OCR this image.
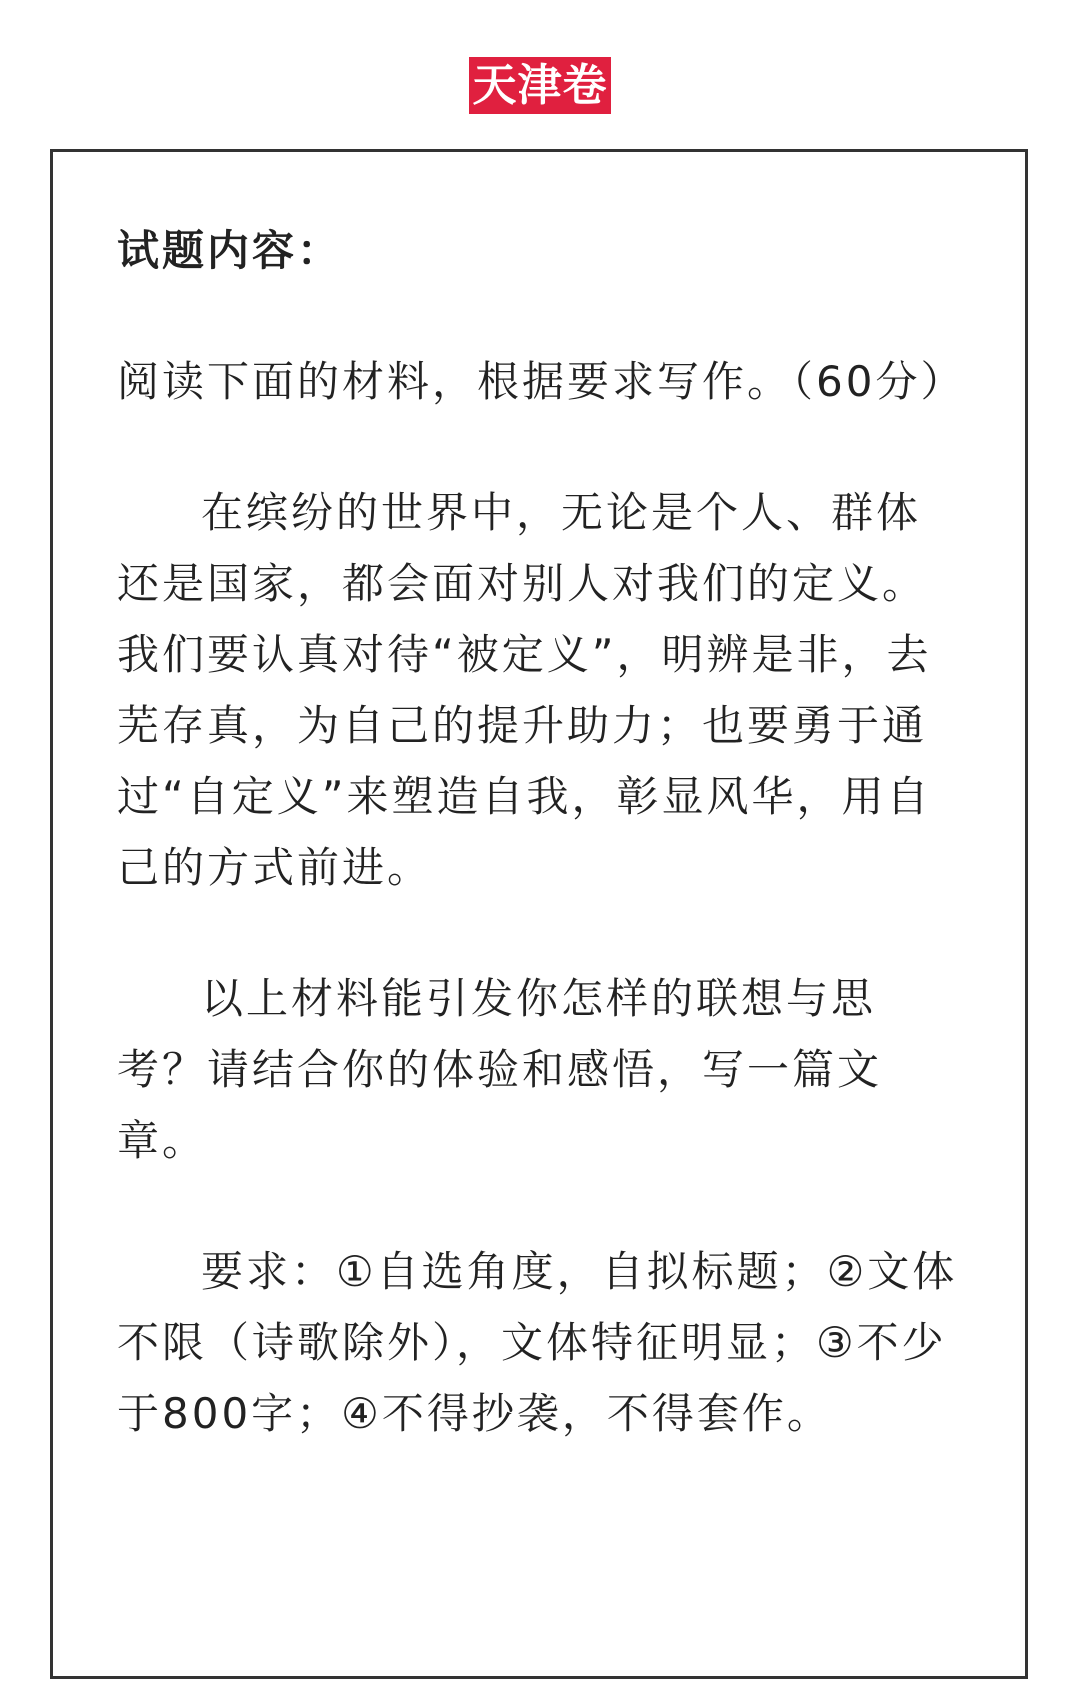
天津卷

试题内容：

阅读下面的材料，根据要求写作。（60分）

在缤纷的世界中，无论是个人、群体还是国家，都会面对别人对我们的定义。我们要认真对待“被定义”，明辨是非，去芜存真，为自己的提升助力；也要勇于通过“自定义”来塑造自我，彰显风华，用自己的方式前进。

以上材料能引发你怎样的联想与思考？请结合你的体验和感悟，写一篇文章。

要求：①自选角度，自拟标题；②文体不限（诗歌除外），文体特征明显；③不少于800字；④不得抄袭，不得套作。
